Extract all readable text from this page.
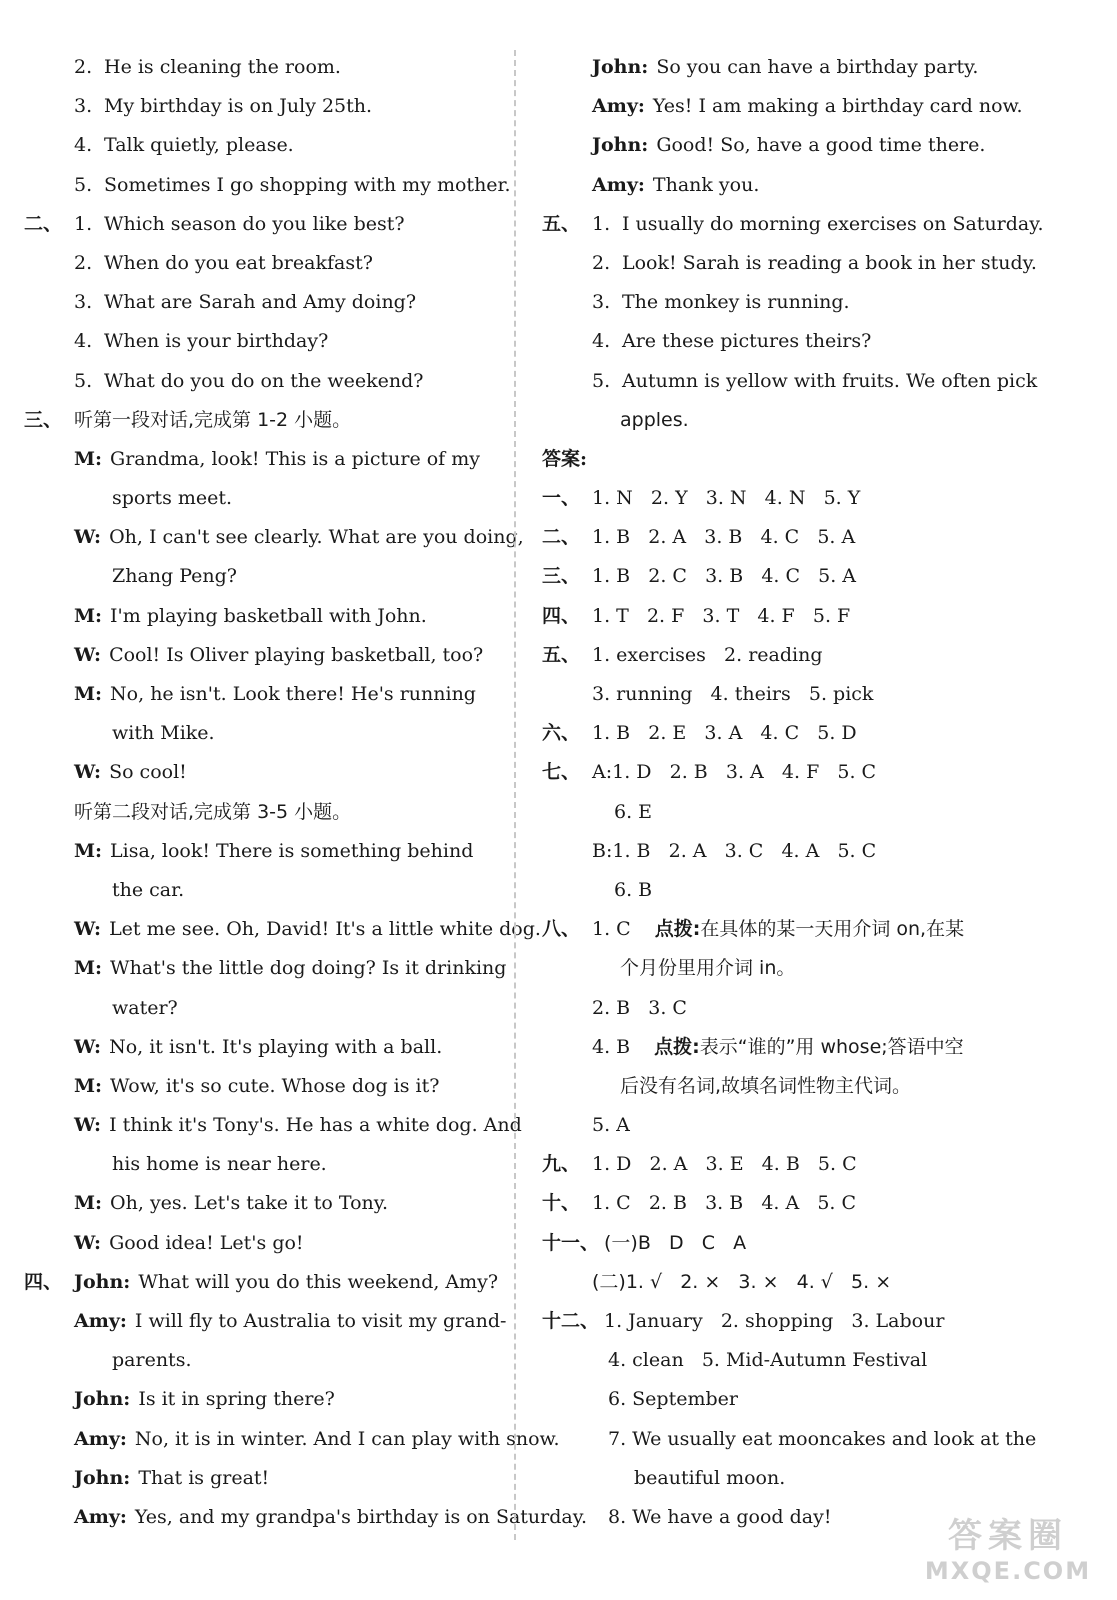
2. He is cleaning the room.
3. My birthday is on July 25th.
4. Talk quietly, please.
5. Sometimes I go shopping with my mother.
二、 1. Which season do you like best?
2. When do you eat breakfast?
3. What are Sarah and Amy doing?
4. When is your birthday?
5. What do you do on the weekend?
三、 听第一段对话,完成第 1-2 小题。
M: Grandma, look! This is a picture of my
sports meet.
W: Oh, I can't see clearly. What are you doing,
Zhang Peng?
M: I'm playing basketball with John.
W: Cool! Is Oliver playing basketball, too?
M: No, he isn't. Look there! He's running
with Mike.
W: So cool!
听第二段对话,完成第 3-5 小题。
M: Lisa, look! There is something behind
the car.
W: Let me see. Oh, David! It's a little white dog.
M: What's the little dog doing? Is it drinking
water?
W: No, it isn't. It's playing with a ball.
M: Wow, it's so cute. Whose dog is it?
W: I think it's Tony's. He has a white dog. And
his home is near here.
M: Oh, yes. Let's take it to Tony.
W: Good idea! Let's go!
四、 John: What will you do this weekend, Amy?
Amy: I will fly to Australia to visit my grand-
parents.
John: Is it in spring there?
Amy: No, it is in winter. And I can play with snow.
John: That is great!
Amy: Yes, and my grandpa's birthday is on Saturday.
John: So you can have a birthday party.
Amy: Yes! I am making a birthday card now.
John: Good! So, have a good time there.
Amy: Thank you.
五、 1. I usually do morning exercises on Saturday.
2. Look! Sarah is reading a book in her study.
3. The monkey is running.
4. Are these pictures theirs?
5. Autumn is yellow with fruits. We often pick
apples.
答案:
一、 1. N   2. Y   3. N   4. N   5. Y
二、 1. B   2. A   3. B   4. C   5. A
三、 1. B   2. C   3. B   4. C   5. A
四、 1. T   2. F   3. T   4. F   5. F
五、 1. exercises   2. reading
3. running   4. theirs   5. pick
六、 1. B   2. E   3. A   4. C   5. D
七、 A:1. D   2. B   3. A   4. F   5. C
6. E
B:1. B   2. A   3. C   4. A   5. C
6. B
八、 1. C 点拨:在具体的某一天用介词 on,在某
个月份里用介词 in。
2. B   3. C
4. B 点拨:表示“谁的”用 whose;答语中空
后没有名词,故填名词性物主代词。
5. A
九、 1. D   2. A   3. E   4. B   5. C
十、 1. C   2. B   3. B   4. A   5. C
十一、 (一)B   D   C   A
(二)1. √   2. ×   3. ×   4. √   5. ×
十二、 1. January   2. shopping   3. Labour
4. clean   5. Mid-Autumn Festival
6. September
7. We usually eat mooncakes and look at the
beautiful moon.
8. We have a good day!	答案圈
MXQE.COM
